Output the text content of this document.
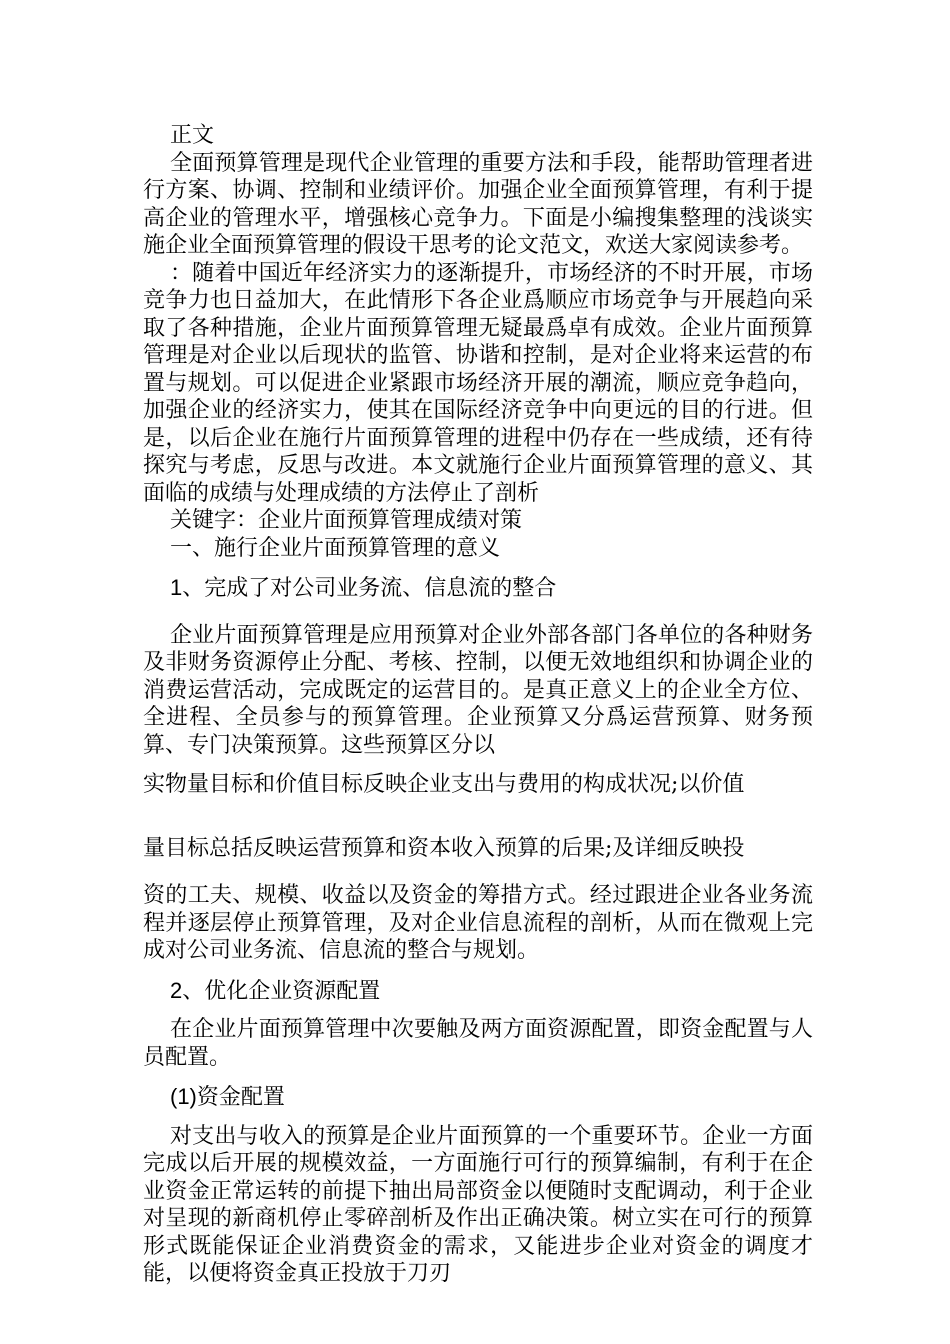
正文

全面预算管理是现代企业管理的重要方法和手段，能帮助管理者进行方案、协调、控制和业绩评价。加强企业全面预算管理，有利于提高企业的管理水平，增强核心竞争力。下面是小编搜集整理的浅谈实施企业全面预算管理的假设干思考的论文范文，欢送大家阅读参考。

：随着中国近年经济实力的逐渐提升，市场经济的不时开展，市场竞争力也日益加大，在此情形下各企业爲顺应市场竞争与开展趋向采取了各种措施，企业片面预算管理无疑最爲卓有成效。企业片面预算管理是对企业以后现状的监管、协谐和控制，是对企业将来运营的布置与规划。可以促进企业紧跟市场经济开展的潮流，顺应竞争趋向，加强企业的经济实力，使其在国际经济竞争中向更远的目的行进。但是，以后企业在施行片面预算管理的进程中仍存在一些成绩，还有待探究与考虑，反思与改进。本文就施行企业片面预算管理的意义、其面临的成绩与处理成绩的方法停止了剖析

关键字：企业片面预算管理成绩对策

一、施行企业片面预算管理的意义

1、完成了对公司业务流、信息流的整合

企业片面预算管理是应用预算对企业外部各部门各单位的各种财务及非财务资源停止分配、考核、控制，以便无效地组织和协调企业的消费运营活动，完成既定的运营目的。是真正意义上的企业全方位、全进程、全员参与的预算管理。企业预算又分爲运营预算、财务预算、专门决策预算。这些预算区分以

实物量目标和价值目标反映企业支出与费用的构成状况;以价值

量目标总括反映运营预算和资本收入预算的后果;及详细反映投

资的工夫、规模、收益以及资金的筹措方式。经过跟进企业各业务流程并逐层停止预算管理，及对企业信息流程的剖析，从而在微观上完成对公司业务流、信息流的整合与规划。

2、优化企业资源配置

在企业片面预算管理中次要触及两方面资源配置，即资金配置与人员配置。

(1)资金配置

对支出与收入的预算是企业片面预算的一个重要环节。企业一方面完成以后开展的规模效益，一方面施行可行的预算编制，有利于在企业资金正常运转的前提下抽出局部资金以便随时支配调动，利于企业对呈现的新商机停止零碎剖析及作出正确决策。树立实在可行的预算形式既能保证企业消费资金的需求，又能进步企业对资金的调度才能，以便将资金真正投放于刀刃
